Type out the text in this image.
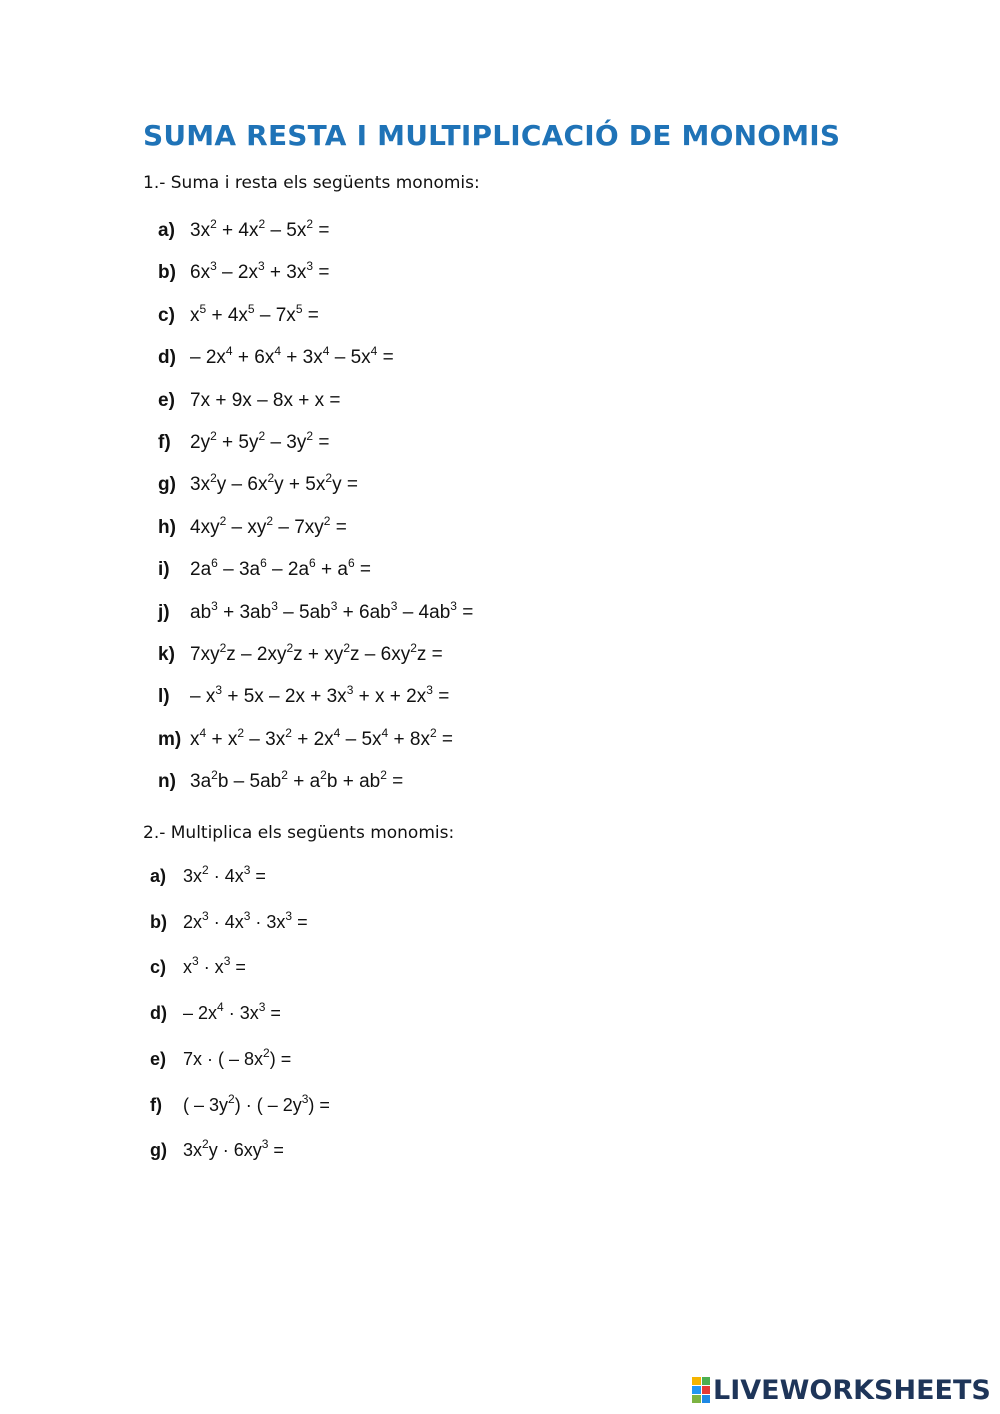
SUMA RESTA I MULTIPLICACIÓ DE MONOMIS

1.- Suma i resta els següents monomis:

a) $3x^2 + 4x^2 - 5x^2$ =
b) $6x^3 - 2x^3 + 3x^3$ =
c) $x^5 + 4x^5 - 7x^5$ =
$d) - 2x^4 + 6x^4 + 3x^4 - 5x^4$ =
e) 7x + 9x – 8x + x =
f) $2y^2 + 5y^2 - 3y^2$ =
g) $3x^2y - 6x^2y + 5x^2y$ =
h) $4xy^2 - xy^2 - 7xy^2$ =
i) $2a^6 - 3a^6 - 2a^6 + a^6$ =
j) $ab^3 + 3ab^3 - 5ab^3 + 6ab^3 - 4ab^3$ =
k) $7xy^2z - 2xy^2z + xy^2z - 6xy^2z$ =
$l) - x^3 + 5x - 2x + 3x^3 + x + 2x^3$ =
m) $x^4 + x^2 - 3x^2 + 2x^4 - 5x^4 + 8x^2$ =
n) $3a^2b - 5ab^2 + a^2b + ab^2$ =

2.- Multiplica els següents monomis:

a) $3x^2 \cdot 4x^3$ =
b) $2x^3 \cdot 4x^3 \cdot 3x^3$ =
c) $x^3 \cdot x^3$ =
$d) - 2x^4 \cdot 3x^3$ =
e) 7x · ( – $8x^2$) =
f) ( – $3y^2$) · ( – $2y^3$) =
g) $3x^2y \cdot 6xy^3$ =
LIVEWORKSHEETS
